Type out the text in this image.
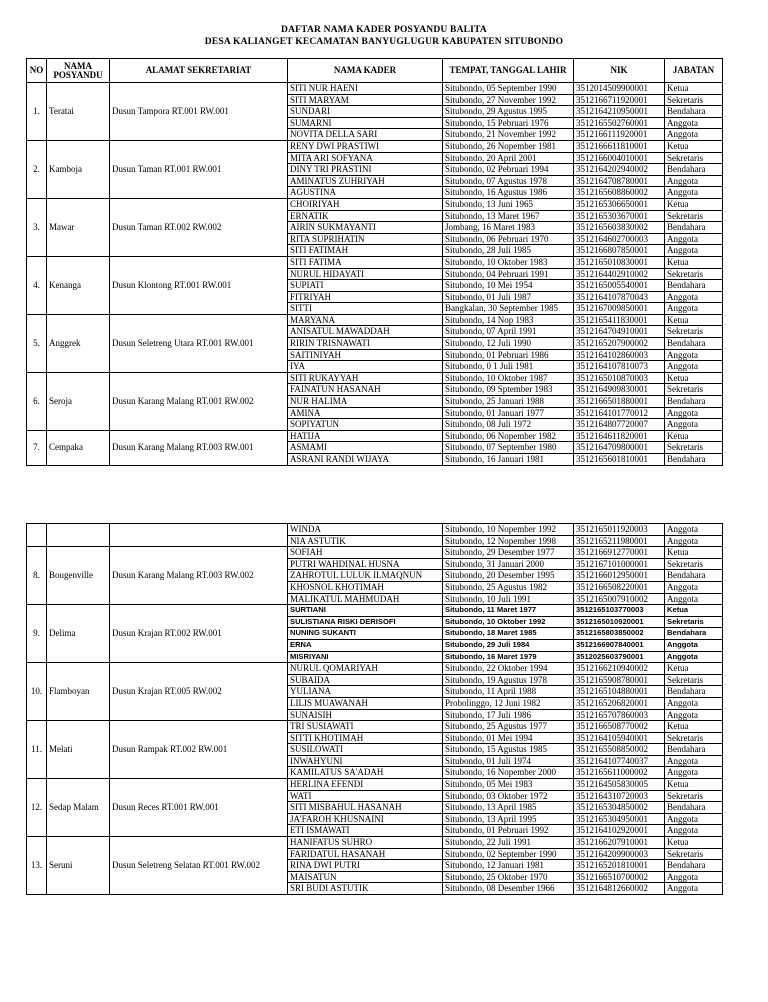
DAFTAR NAMA KADER POSYANDU BALITA
DESA KALIANGET KECAMATAN BANYUGLUGUR KABUPATEN SITUBONDO
NO	NAMA POSYANDU	ALAMAT SEKRETARIAT	NAMA KADER	TEMPAT, TANGGAL LAHIR	NIK	JABATAN
1.	Teratai	Dusun Tampora RT.001 RW.001	SITI NUR HAENI	Situbondo, 05 September 1990	3512014509900001	Ketua
			SITI MARYAM	Situbondo, 27 November 1992	3512166711920001	Sekretaris
			SUNDARI	Situbondo, 29 Agustus 1995	3512164210950001	Bendahara
			SUMARNI	Situbondo, 15 Pebruari 1976	3512165502760001	Anggota
			NOVITA DELLA SARI	Situbondo, 21 November 1992	3512166111920001	Anggota
2.	Kamboja	Dusun Taman RT.001 RW.001	RENY DWI PRASTIWI	Situbondo, 26 Nopember 1981	3512166611810001	Ketua
			MITA ARI SOFYANA	Situbondo, 20 April 2001	3512166004010001	Sekretaris
			DINY TRI PRASTINI	Situbondo, 02 Pebruari 1994	3512164202940002	Bendahara
			AMINATUS ZUHRIYAH	Situbondo, 07 Agustus 1978	3512164708780001	Anggota
			AGUSTINA	Situbondo, 16 Agustus 1986	3512165608860002	Anggota
3.	Mawar	Dusun Taman RT.002 RW.002	CHOIRIYAH	Situbondo, 13 Juni 1965	3512165306650001	Ketua
			ERNATIK	Situbondo, 13 Maret 1967	3512165303670001	Sekretaris
			AIRIN SUKMAYANTI	Jombang, 16 Maret 1983	3512165603830002	Bendahara
			RITA SUPRIHATIN	Situbondo, 06 Pebruari 1970	3512164602700003	Anggota
			SITI FATIMAH	Situbondo, 28 Juli 1985	3512166807850001	Anggota
4.	Kenanga	Dusun Klontong RT.001 RW.001	SITI FATIMA	Situbondo, 10 Oktober 1983	3512165010830001	Ketua
			NURUL HIDAYATI	Situbondo, 04 Pebruari 1991	3512164402910002	Sekretaris
			SUPIATI	Situbondo, 10 Mei 1954	3512165005540001	Bendahara
			FITRIYAH	Situbondo, 01 Juli 1987	3512164107870043	Anggota
			SITTI	Bangkalan, 30 September 1985	3512167009850001	Anggota
5.	Anggrek	Dusun Seletreng Utara RT.001 RW.001	MARYANA	Situbondo, 14 Nop 1983	3512165411830001	Ketua
			ANISATUL MAWADDAH	Situbondo, 07 April 1991	3512164704910001	Sekretaris
			RIRIN TRISNAWATI	Situbondo, 12 Juli 1990	3512165207900002	Bendahara
			SAITINIYAH	Situbondo, 01 Pebruari 1986	3512164102860003	Anggota
			IYA	Situbondo, 0 1 Juli 1981	3512164107810073	Anggota
6.	Seroja	Dusun Karang Malang RT.001 RW.002	SITI RUKAYYAH	Situbondo, 10 Oktober 1987	3512165010870003	Ketua
			FAINATUN HASANAH	Situbondo, 09 Sptember 1983	3512164909830001	Sekretaris
			NUR HALIMA	Situbondo, 25 Januari 1988	3512166501880001	Bendahara
			AMINA	Situbondo, 01 Januari 1977	3512164101770012	Anggota
			SOPIYATUN	Situbondo, 08 Juli 1972	3512164807720007	Anggota
7.	Cempaka	Dusun Karang Malang RT.003 RW.001	HATIJA	Situbondo, 06 Nopember 1982	3512164611820001	Ketua
			ASMAMI	Situbondo, 07 September 1980	3512164709800001	Sekretaris
			ASRANI RANDI WIJAYA	Situbondo, 16 Januari 1981	3512165601810001	Bendahara
			WINDA	Situbondo, 10 Nopember 1992	3512165011920003	Anggota
			NIA ASTUTIK	Situbondo, 12 Nopember 1998	3512165211980001	Anggota
8.	Bougenville	Dusun Karang Malang RT.003 RW.002	SOFIAH	Situbondo, 29 Desember 1977	3512166912770001	Ketua
			PUTRI WAHDINAL HUSNA	Situbondo, 31 Januari 2000	3512167101000001	Sekretaris
			ZAHROTUL LULUK ILMAQNUN	Situbondo, 20 Desember 1995	3512166012950001	Bendahara
			KHOSNOL KHOTIMAH	Situbondo, 25 Agustus 1982	3512166508220001	Anggota
			MALIKATUL MAHMUDAH	Situbondo, 10 Juli 1991	3512165007910002	Anggota
9.	Delima	Dusun Krajan RT.002 RW.001	SURTIANI	Situbondo, 11 Maret 1977	3512165103770003	Ketua
			SULISTIANA RISKI DERISOFI	Situbondo, 10 Oktober 1992	3512165010920001	Sekretaris
			NUNING SUKANTI	Situbondo, 18 Maret 1985	3512165803850002	Bendahara
			ERNA	Situbondo, 29 Juli 1984	3512166907840001	Anggota
			MISRIYANI	Situbondo, 16 Maret 1979	3512025603790001	Anggota
10.	Flamboyan	Dusun Krajan RT.005 RW.002	NURUL QOMARIYAH	Situbondo, 22 Oktober 1994	3512166210940002	Ketua
			SUBAIDA	Situbondo, 19 Agustus 1978	3512165908780001	Sekretaris
			YULIANA	Situbondo, 11 April 1988	3512165104880001	Bendahara
			LILIS MUAWANAH	Probolinggo, 12 Juni 1982	3512165206820001	Anggota
			SUNAISIH	Situbondo, 17 Juli 1986	3512165707860003	Anggota
11.	Melati	Dusun Rampak RT.002 RW.001	TRI SUSIAWATI	Situbondo, 25 Agustus 1977	3512166508770002	Ketua
			SITTI KHOTIMAH	Situbondo, 01 Mei 1994	3512164105940001	Sekretaris
			SUSILOWATI	Situbondo, 15 Agustus 1985	3512165508850002	Bendahara
			INWAHYUNI	Situbondo, 01 Juli 1974	3512164107740037	Anggota
			KAMILATUS SA'ADAH	Situbondo, 16 Nopember 2000	3512165611000002	Anggota
12.	Sedap Malam	Dusun Reces RT.001 RW.001	HERLINA EFENDI	Situbondo, 05 Mei 1983	3512164505830005	Ketua
			WATI	Situbondo, 03 Oktober 1972	3512164310720003	Sekretaris
			SITI MISBAHUL HASANAH	Situbondo, 13 April 1985	3512165304850002	Bendahara
			JA'FAROH KHUSNAINI	Situbondo, 13 April 1995	3512165304950001	Anggota
			ETI ISMAWATI	Situbondo, 01 Pebruari 1992	3512164102920001	Anggota
13.	Seruni	Dusun Seletreng Selatan RT.001 RW.002	HANIFATUS SUHRO	Situbondo, 22 Juli 1991	3512166207910001	Ketua
			FARIDATUL HASANAH	Situbondo, 02 September 1990	3512164209900003	Sekretaris
			RINA DWI PUTRI	Situbondo, 12 Januari 1981	3512165201810001	Bendahara
			MAISATUN	Situbondo, 25 Oktober 1970	3512166510700002	Anggota
			SRI BUDI ASTUTIK	Situbondo, 08 Desember 1966	3512164812660002	Anggota
